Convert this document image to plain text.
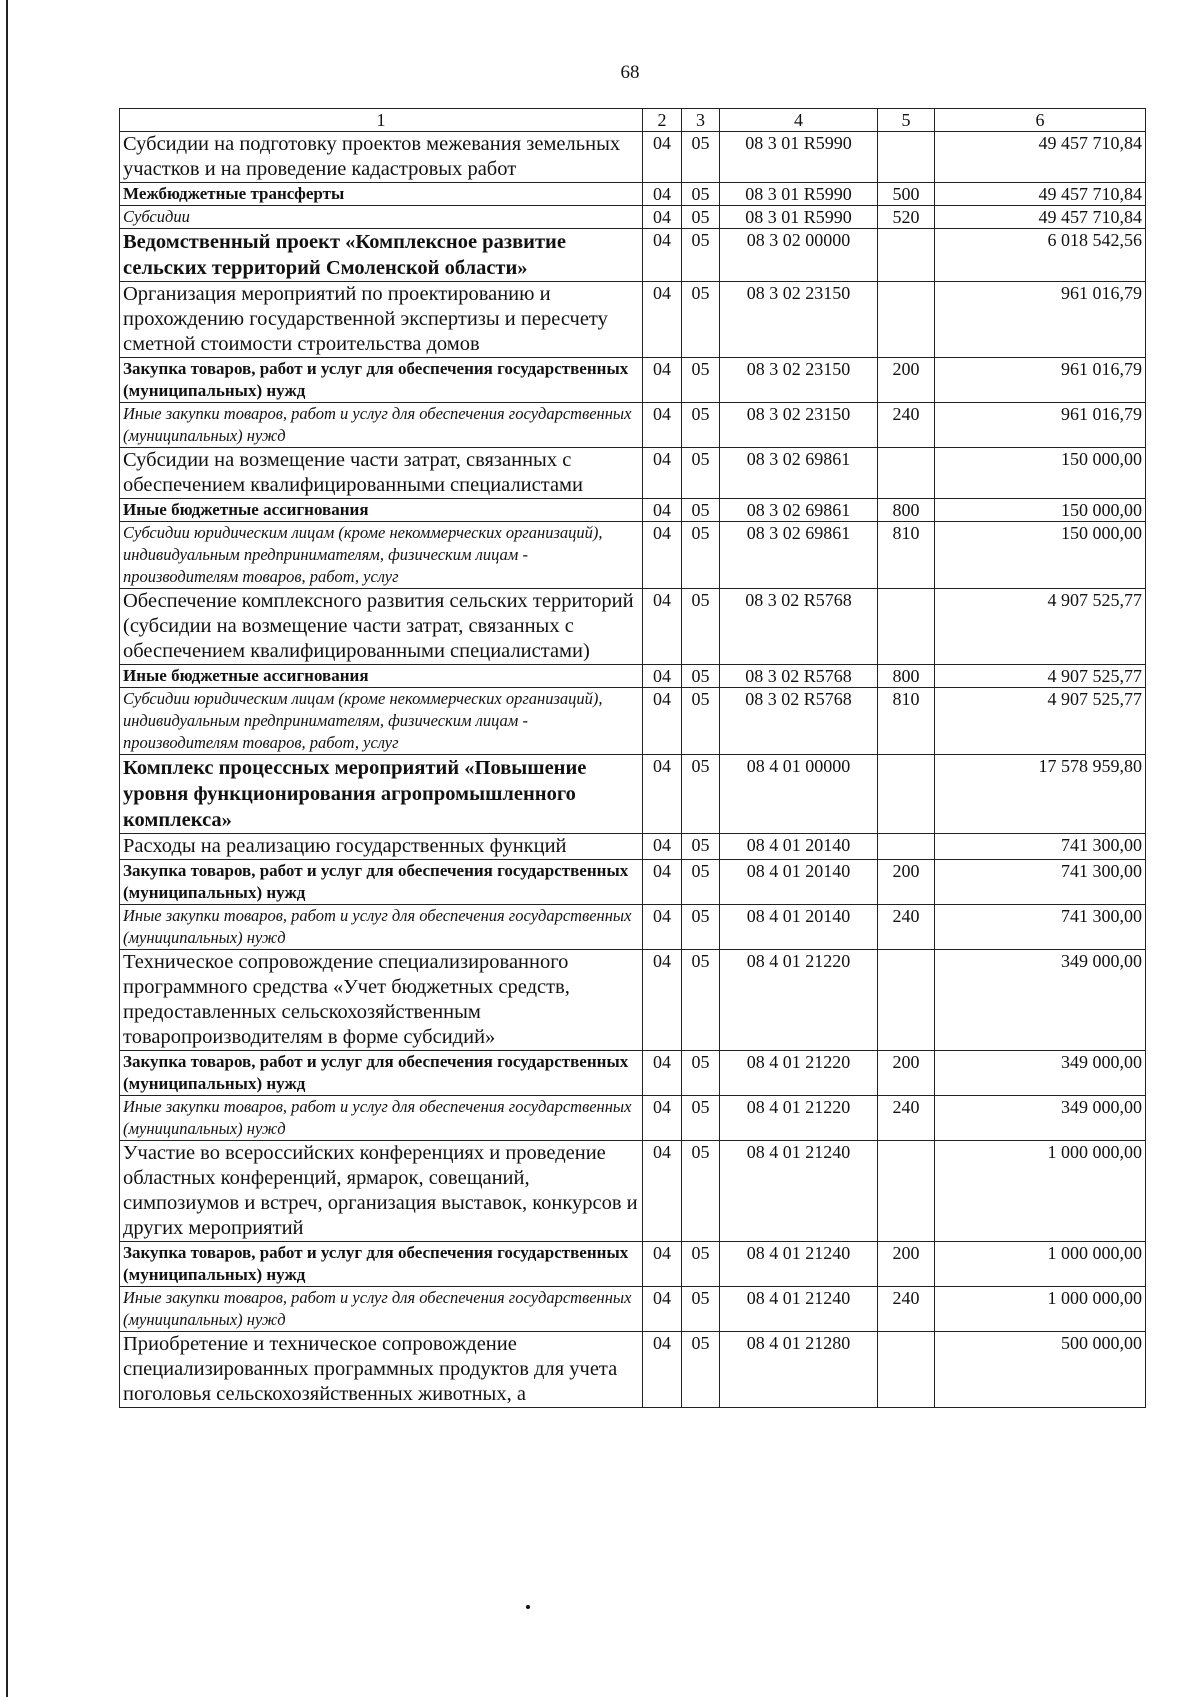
68
1	2	3	4	5	6
Субсидии на подготовку проектов межевания земельных участков и на проведение кадастровых работ	04	05	08 3 01 R5990		49 457 710,84
Межбюджетные трансферты	04	05	08 3 01 R5990	500	49 457 710,84
Субсидии	04	05	08 3 01 R5990	520	49 457 710,84
Ведомственный проект «Комплексное развитие сельских территорий Смоленской области»	04	05	08 3 02 00000		6 018 542,56
Организация мероприятий по проектированию и прохождению государственной экспертизы и пересчету сметной стоимости строительства домов	04	05	08 3 02 23150		961 016,79
Закупка товаров, работ и услуг для обеспечения государственных (муниципальных) нужд	04	05	08 3 02 23150	200	961 016,79
Иные закупки товаров, работ и услуг для обеспечения государственных (муниципальных) нужд	04	05	08 3 02 23150	240	961 016,79
Субсидии на возмещение части затрат, связанных с обеспечением квалифицированными специалистами	04	05	08 3 02 69861		150 000,00
Иные бюджетные ассигнования	04	05	08 3 02 69861	800	150 000,00
Субсидии юридическим лицам (кроме некоммерческих организаций), индивидуальным предпринимателям, физическим лицам - производителям товаров, работ, услуг	04	05	08 3 02 69861	810	150 000,00
Обеспечение комплексного развития сельских территорий (субсидии на возмещение части затрат, связанных с обеспечением квалифицированными специалистами)	04	05	08 3 02 R5768		4 907 525,77
Иные бюджетные ассигнования	04	05	08 3 02 R5768	800	4 907 525,77
Субсидии юридическим лицам (кроме некоммерческих организаций), индивидуальным предпринимателям, физическим лицам - производителям товаров, работ, услуг	04	05	08 3 02 R5768	810	4 907 525,77
Комплекс процессных мероприятий «Повышение уровня функционирования агропромышленного комплекса»	04	05	08 4 01 00000		17 578 959,80
Расходы на реализацию государственных функций	04	05	08 4 01 20140		741 300,00
Закупка товаров, работ и услуг для обеспечения государственных (муниципальных) нужд	04	05	08 4 01 20140	200	741 300,00
Иные закупки товаров, работ и услуг для обеспечения государственных (муниципальных) нужд	04	05	08 4 01 20140	240	741 300,00
Техническое сопровождение специализированного программного средства «Учет бюджетных средств, предоставленных сельскохозяйственным товаропроизводителям в форме субсидий»	04	05	08 4 01 21220		349 000,00
Закупка товаров, работ и услуг для обеспечения государственных (муниципальных) нужд	04	05	08 4 01 21220	200	349 000,00
Иные закупки товаров, работ и услуг для обеспечения государственных (муниципальных) нужд	04	05	08 4 01 21220	240	349 000,00
Участие во всероссийских конференциях и проведение областных конференций, ярмарок, совещаний, симпозиумов и встреч, организация выставок, конкурсов и других мероприятий	04	05	08 4 01 21240		1 000 000,00
Закупка товаров, работ и услуг для обеспечения государственных (муниципальных) нужд	04	05	08 4 01 21240	200	1 000 000,00
Иные закупки товаров, работ и услуг для обеспечения государственных (муниципальных) нужд	04	05	08 4 01 21240	240	1 000 000,00
Приобретение и техническое сопровождение специализированных программных продуктов для учета поголовья сельскохозяйственных животных, а	04	05	08 4 01 21280		500 000,00
